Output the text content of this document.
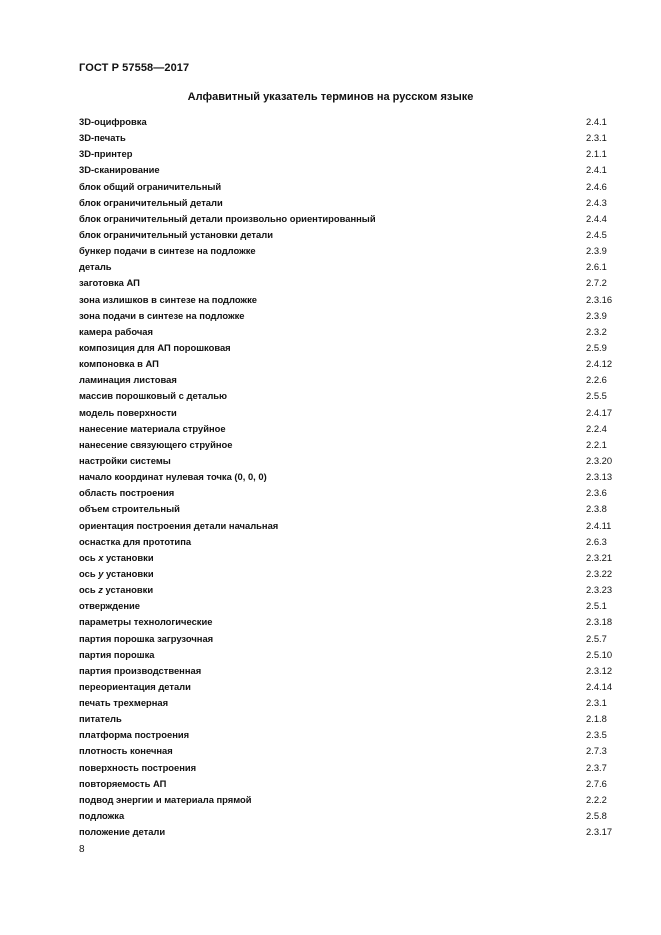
ГОСТ Р 57558—2017
Алфавитный указатель терминов на русском языке
3D-оцифровка	2.4.1
3D-печать	2.3.1
3D-принтер	2.1.1
3D-сканирование	2.4.1
блок общий ограничительный	2.4.6
блок ограничительный детали	2.4.3
блок ограничительный детали произвольно ориентированный	2.4.4
блок ограничительный установки детали	2.4.5
бункер подачи в синтезе на подложке	2.3.9
деталь	2.6.1
заготовка АП	2.7.2
зона излишков в синтезе на подложке	2.3.16
зона подачи в синтезе на подложке	2.3.9
камера рабочая	2.3.2
композиция для АП порошковая	2.5.9
компоновка в АП	2.4.12
ламинация листовая	2.2.6
массив порошковый с деталью	2.5.5
модель поверхности	2.4.17
нанесение материала струйное	2.2.4
нанесение связующего струйное	2.2.1
настройки системы	2.3.20
начало координат нулевая точка (0, 0, 0)	2.3.13
область построения	2.3.6
объем строительный	2.3.8
ориентация построения детали начальная	2.4.11
оснастка для прототипа	2.6.3
ось x установки	2.3.21
ось y установки	2.3.22
ось z установки	2.3.23
отверждение	2.5.1
параметры технологические	2.3.18
партия порошка загрузочная	2.5.7
партия порошка	2.5.10
партия производственная	2.3.12
переориентация детали	2.4.14
печать трехмерная	2.3.1
питатель	2.1.8
платформа построения	2.3.5
плотность конечная	2.7.3
поверхность построения	2.3.7
повторяемость АП	2.7.6
подвод энергии и материала прямой	2.2.2
подложка	2.5.8
положение детали	2.3.17
8
